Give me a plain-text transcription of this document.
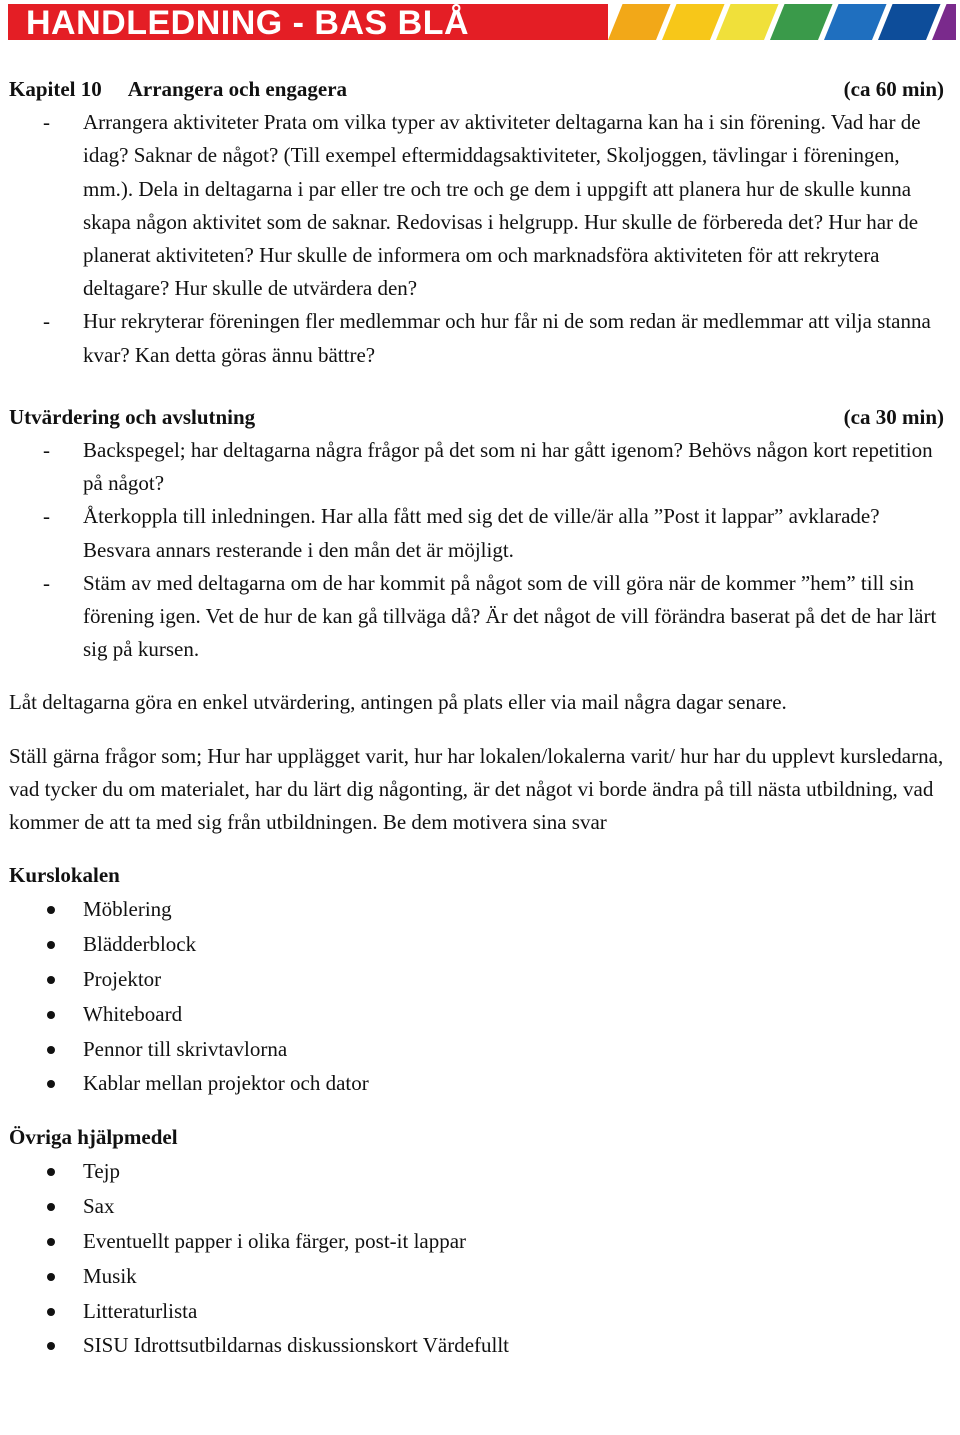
HANDLEDNING - BAS BLÅ
Kapitel 10 Arrangera och engagera	(ca 60 min)
- Arrangera aktiviteter Prata om vilka typer av aktiviteter deltagarna kan ha i sin förening. Vad har de idag? Saknar de något? (Till exempel eftermiddagsaktiviteter, Skoljoggen, tävlingar i föreningen, mm.). Dela in deltagarna i par eller tre och tre och ge dem i uppgift att planera hur de skulle kunna skapa någon aktivitet som de saknar. Redovisas i helgrupp. Hur skulle de förbereda det? Hur har de planerat aktiviteten? Hur skulle de informera om och marknadsföra aktiviteten för att rekrytera deltagare? Hur skulle de utvärdera den?
- Hur rekryterar föreningen fler medlemmar och hur får ni de som redan är medlemmar att vilja stanna kvar? Kan detta göras ännu bättre?
Utvärdering och avslutning	(ca 30 min)
- Backspegel; har deltagarna några frågor på det som ni har gått igenom? Behövs någon kort repetition på något?
- Återkoppla till inledningen. Har alla fått med sig det de ville/är alla ”Post it lappar” avklarade? Besvara annars resterande i den mån det är möjligt.
- Stäm av med deltagarna om de har kommit på något som de vill göra när de kommer ”hem” till sin förening igen. Vet de hur de kan gå tillväga då? Är det något de vill förändra baserat på det de har lärt sig på kursen.

Låt deltagarna göra en enkel utvärdering, antingen på plats eller via mail några dagar senare.

Ställ gärna frågor som; Hur har upplägget varit, hur har lokalen/lokalerna varit/ hur har du upplevt kursledarna, vad tycker du om materialet, har du lärt dig någonting, är det något vi borde ändra på till nästa utbildning, vad kommer de att ta med sig från utbildningen. Be dem motivera sina svar

Kurslokalen
Möblering
Blädderblock
Projektor
Whiteboard
Pennor till skrivtavlorna
Kablar mellan projektor och dator
Övriga hjälpmedel
Tejp
Sax
Eventuellt papper i olika färger, post-it lappar
Musik
Litteraturlista
SISU Idrottsutbildarnas diskussionskort Värdefullt
